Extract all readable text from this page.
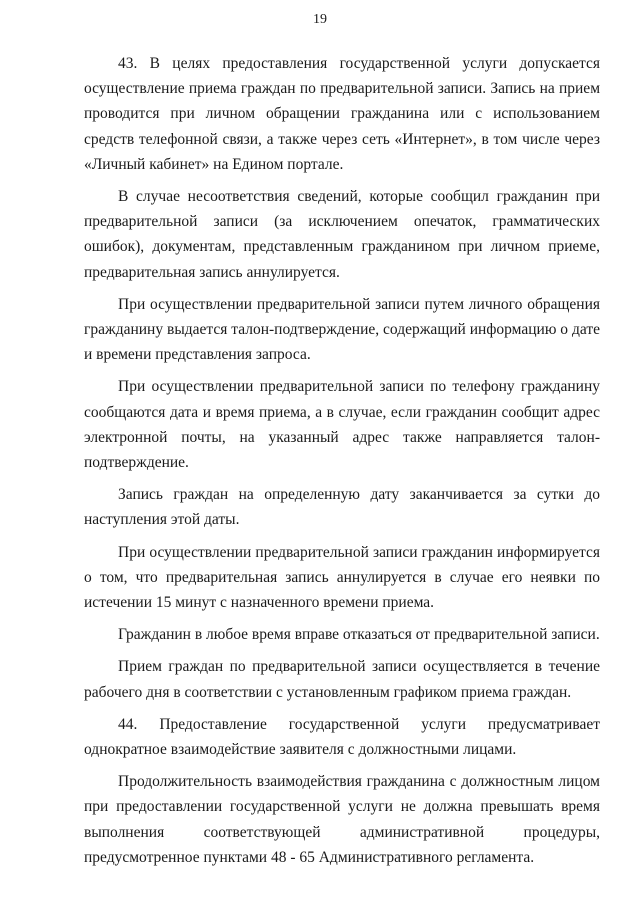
19

43. В целях предоставления государственной услуги допускается осуществление приема граждан по предварительной записи. Запись на прием проводится при личном обращении гражданина или с использованием средств телефонной связи, а также через сеть «Интернет», в том числе через «Личный кабинет» на Едином портале.

В случае несоответствия сведений, которые сообщил гражданин при предварительной записи (за исключением опечаток, грамматических ошибок), документам, представленным гражданином при личном приеме, предварительная запись аннулируется.

При осуществлении предварительной записи путем личного обращения гражданину выдается талон-подтверждение, содержащий информацию о дате и времени представления запроса.

При осуществлении предварительной записи по телефону гражданину сообщаются дата и время приема, а в случае, если гражданин сообщит адрес электронной почты, на указанный адрес также направляется талон-подтверждение.

Запись граждан на определенную дату заканчивается за сутки до наступления этой даты.

При осуществлении предварительной записи гражданин информируется о том, что предварительная запись аннулируется в случае его неявки по истечении 15 минут с назначенного времени приема.

Гражданин в любое время вправе отказаться от предварительной записи.

Прием граждан по предварительной записи осуществляется в течение рабочего дня в соответствии с установленным графиком приема граждан.

44. Предоставление государственной услуги предусматривает однократное взаимодействие заявителя с должностными лицами.

Продолжительность взаимодействия гражданина с должностным лицом при предоставлении государственной услуги не должна превышать время выполнения соответствующей административной процедуры, предусмотренное пунктами 48 - 65 Административного регламента.
